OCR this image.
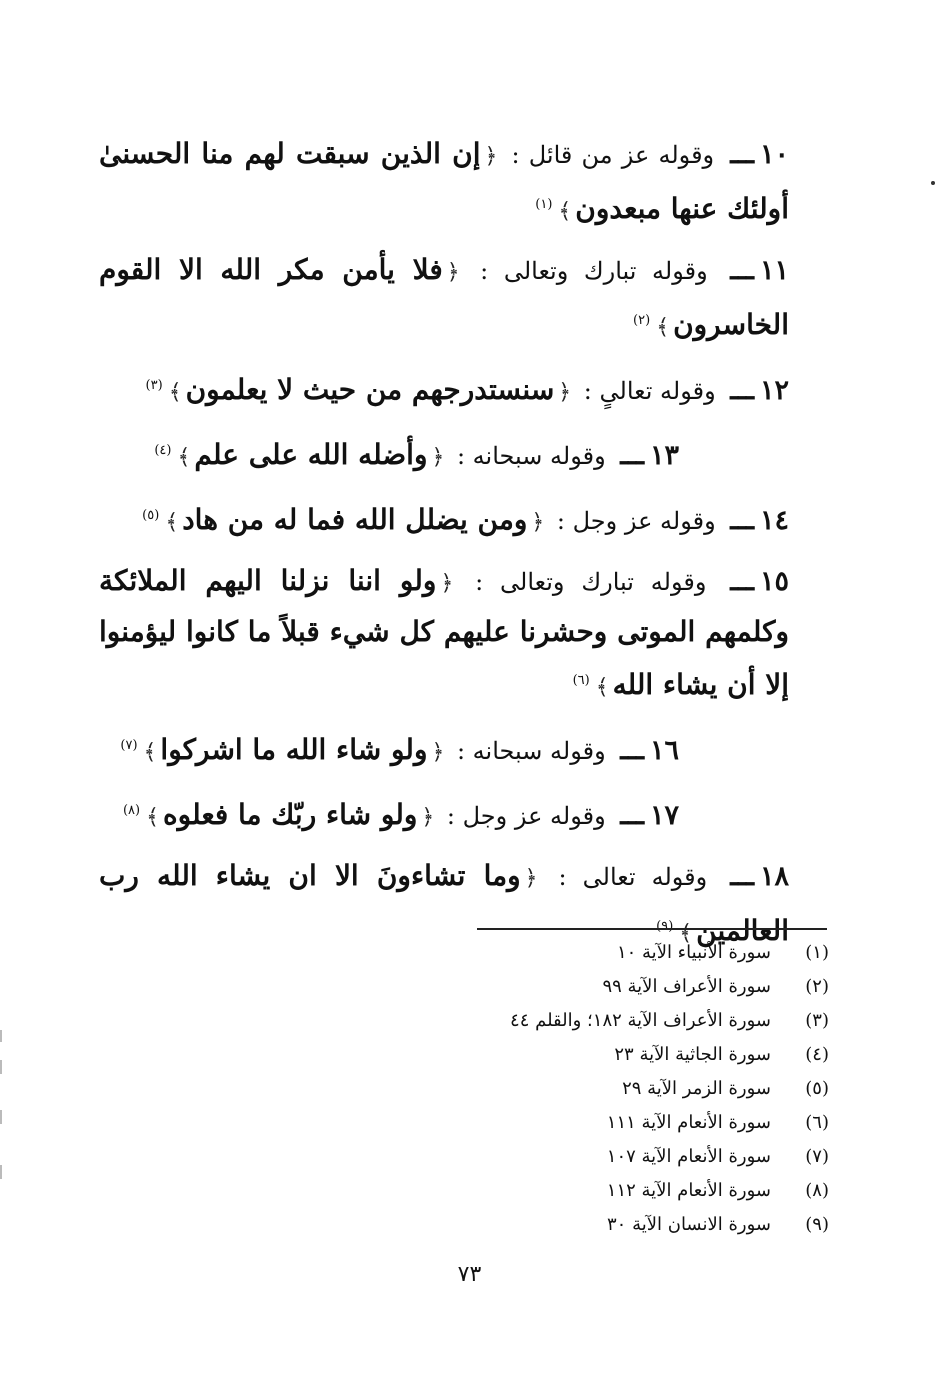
١٠ـــ وقوله عز من قائل : ﴿إن الذين سبقت لهم منا الحسنىٰ أولئك عنها مبعدون﴾$^{(١)}$

١١ـــ وقوله تبارك وتعالى : ﴿فلا يأمن مكر الله الا القوم الخاسرون﴾$^{(٢)}$

١٢ـــ وقوله تعالىٍ : ﴿سنستدرجهم من حيث لا يعلمون﴾$^{(٣)}$

١٣ـــ وقوله سبحانه : ﴿وأضله الله على علم﴾$^{(٤)}$

١٤ـــ وقوله عز وجل : ﴿ومن يضلل الله فما له من هاد﴾$^{(٥)}$

١٥ـــ وقوله تبارك وتعالى : ﴿ولو اننا نزلنا اليهم الملائكة وكلمهم الموتى وحشرنا عليهم كل شيء قبلاً ما كانوا ليؤمنوا إلا أن يشاء الله﴾$^{(٦)}$

١٦ـــ وقوله سبحانه : ﴿ولو شاء الله ما اشركوا﴾$^{(٧)}$

١٧ـــ وقوله عز وجل : ﴿ولو شاء ربّك ما فعلوه﴾$^{(٨)}$

١٨ـــ وقوله تعالى : ﴿وما تشاءونَ الا ان يشاء الله رب العالمين﴾$^{(٩)}$

(١)سورة الأنبياء الآية ١٠
(٢)سورة الأعراف الآية ٩٩
(٣)سورة الأعراف الآية ١٨٢؛ والقلم ٤٤
(٤)سورة الجاثية الآية ٢٣
(٥)سورة الزمر الآية ٢٩
(٦)سورة الأنعام الآية ١١١
(٧)سورة الأنعام الآية ١٠٧
(٨)سورة الأنعام الآية ١١٢
(٩)سورة الانسان الآية ٣٠
٧٣
